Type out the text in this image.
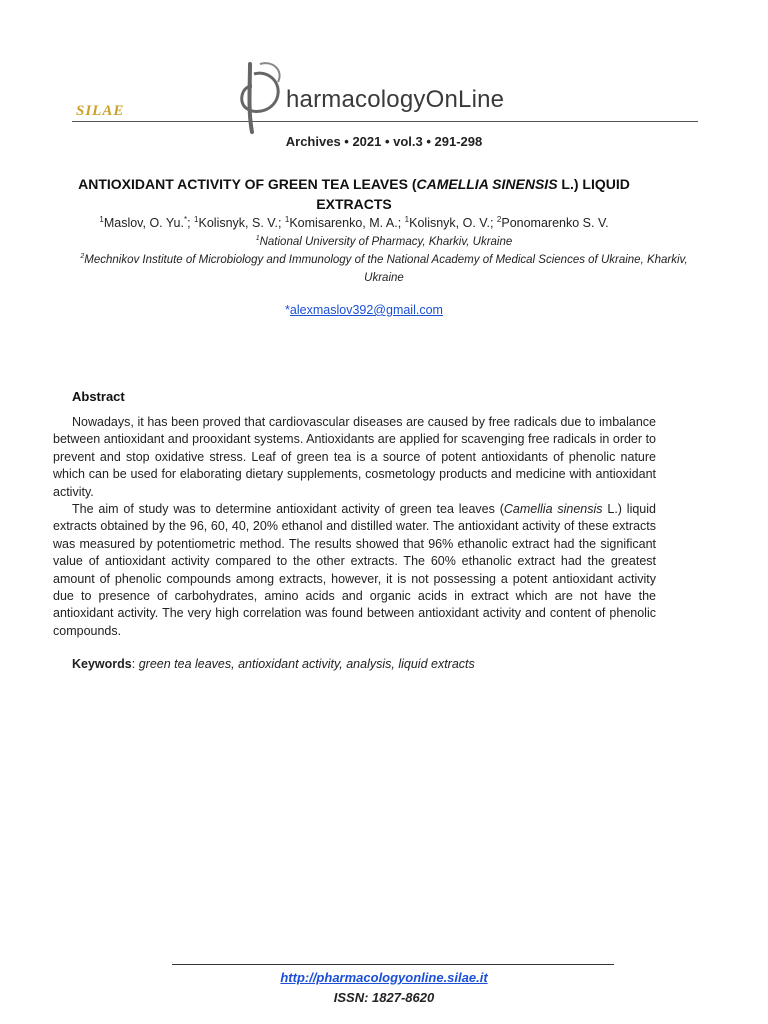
SILAE	harmacologyOnLine
Archives • 2021 • vol.3 • 291-298
ANTIOXIDANT ACTIVITY OF GREEN TEA LEAVES (CAMELLIA SINENSIS L.) LIQUID EXTRACTS
$^1$Maslov, O. Yu.*; $^1$Kolisnyk, S. V.; $^1$Komisarenko, M. A.; $^1$Kolisnyk, O. V.; $^2$Ponomarenko S. V.
$^1$National University of Pharmacy, Kharkiv, Ukraine
$^2$Mechnikov Institute of Microbiology and Immunology of the National Academy of Medical Sciences of Ukraine, Kharkiv, Ukraine
*alexmaslov392@gmail.com
Abstract

Nowadays, it has been proved that cardiovascular diseases are caused by free radicals due to imbalance between antioxidant and prooxidant systems. Antioxidants are applied for scavenging free radicals in order to prevent and stop oxidative stress. Leaf of green tea is a source of potent antioxidants of phenolic nature which can be used for elaborating dietary supplements, cosmetology products and medicine with antioxidant activity.

The aim of study was to determine antioxidant activity of green tea leaves (Camellia sinensis L.) liquid extracts obtained by the 96, 60, 40, 20% ethanol and distilled water. The antioxidant activity of these extracts was measured by potentiometric method. The results showed that 96% ethanolic extract had the significant value of antioxidant activity compared to the other extracts. The 60% ethanolic extract had the greatest amount of phenolic compounds among extracts, however, it is not possessing a potent antioxidant activity due to presence of carbohydrates, amino acids and organic acids in extract which are not have the antioxidant activity. The very high correlation was found between antioxidant activity and content of phenolic compounds.

Keywords: green tea leaves, antioxidant activity, analysis, liquid extracts
http://pharmacologyonline.silae.it
ISSN: 1827-8620
